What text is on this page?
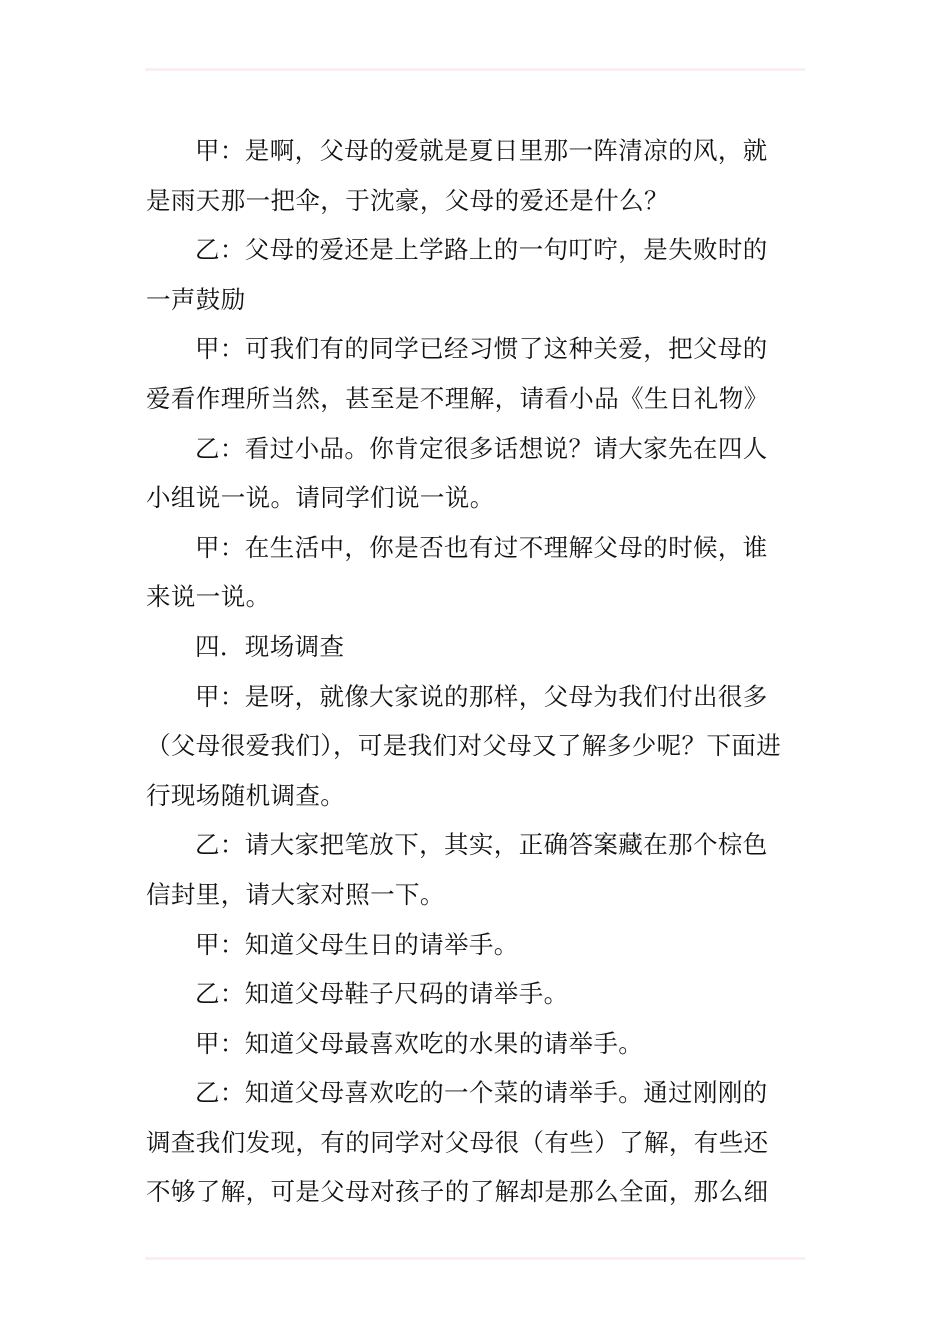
甲：是啊，父母的爱就是夏日里那一阵清凉的风，就是雨天那一把伞，于沈豪，父母的爱还是什么？

乙：父母的爱还是上学路上的一句叮咛，是失败时的一声鼓励

甲：可我们有的同学已经习惯了这种关爱，把父母的爱看作理所当然，甚至是不理解，请看小品《生日礼物》

乙：看过小品。你肯定很多话想说？请大家先在四人小组说一说。请同学们说一说。

甲：在生活中，你是否也有过不理解父母的时候，谁来说一说。

四．现场调查

甲：是呀，就像大家说的那样，父母为我们付出很多（父母很爱我们），可是我们对父母又了解多少呢？下面进行现场随机调查。

乙：请大家把笔放下，其实，正确答案藏在那个棕色信封里，请大家对照一下。

甲：知道父母生日的请举手。

乙：知道父母鞋子尺码的请举手。

甲：知道父母最喜欢吃的水果的请举手。

乙：知道父母喜欢吃的一个菜的请举手。通过刚刚的调查我们发现，有的同学对父母很（有些）了解，有些还不够了解，可是父母对孩子的了解却是那么全面，那么细
